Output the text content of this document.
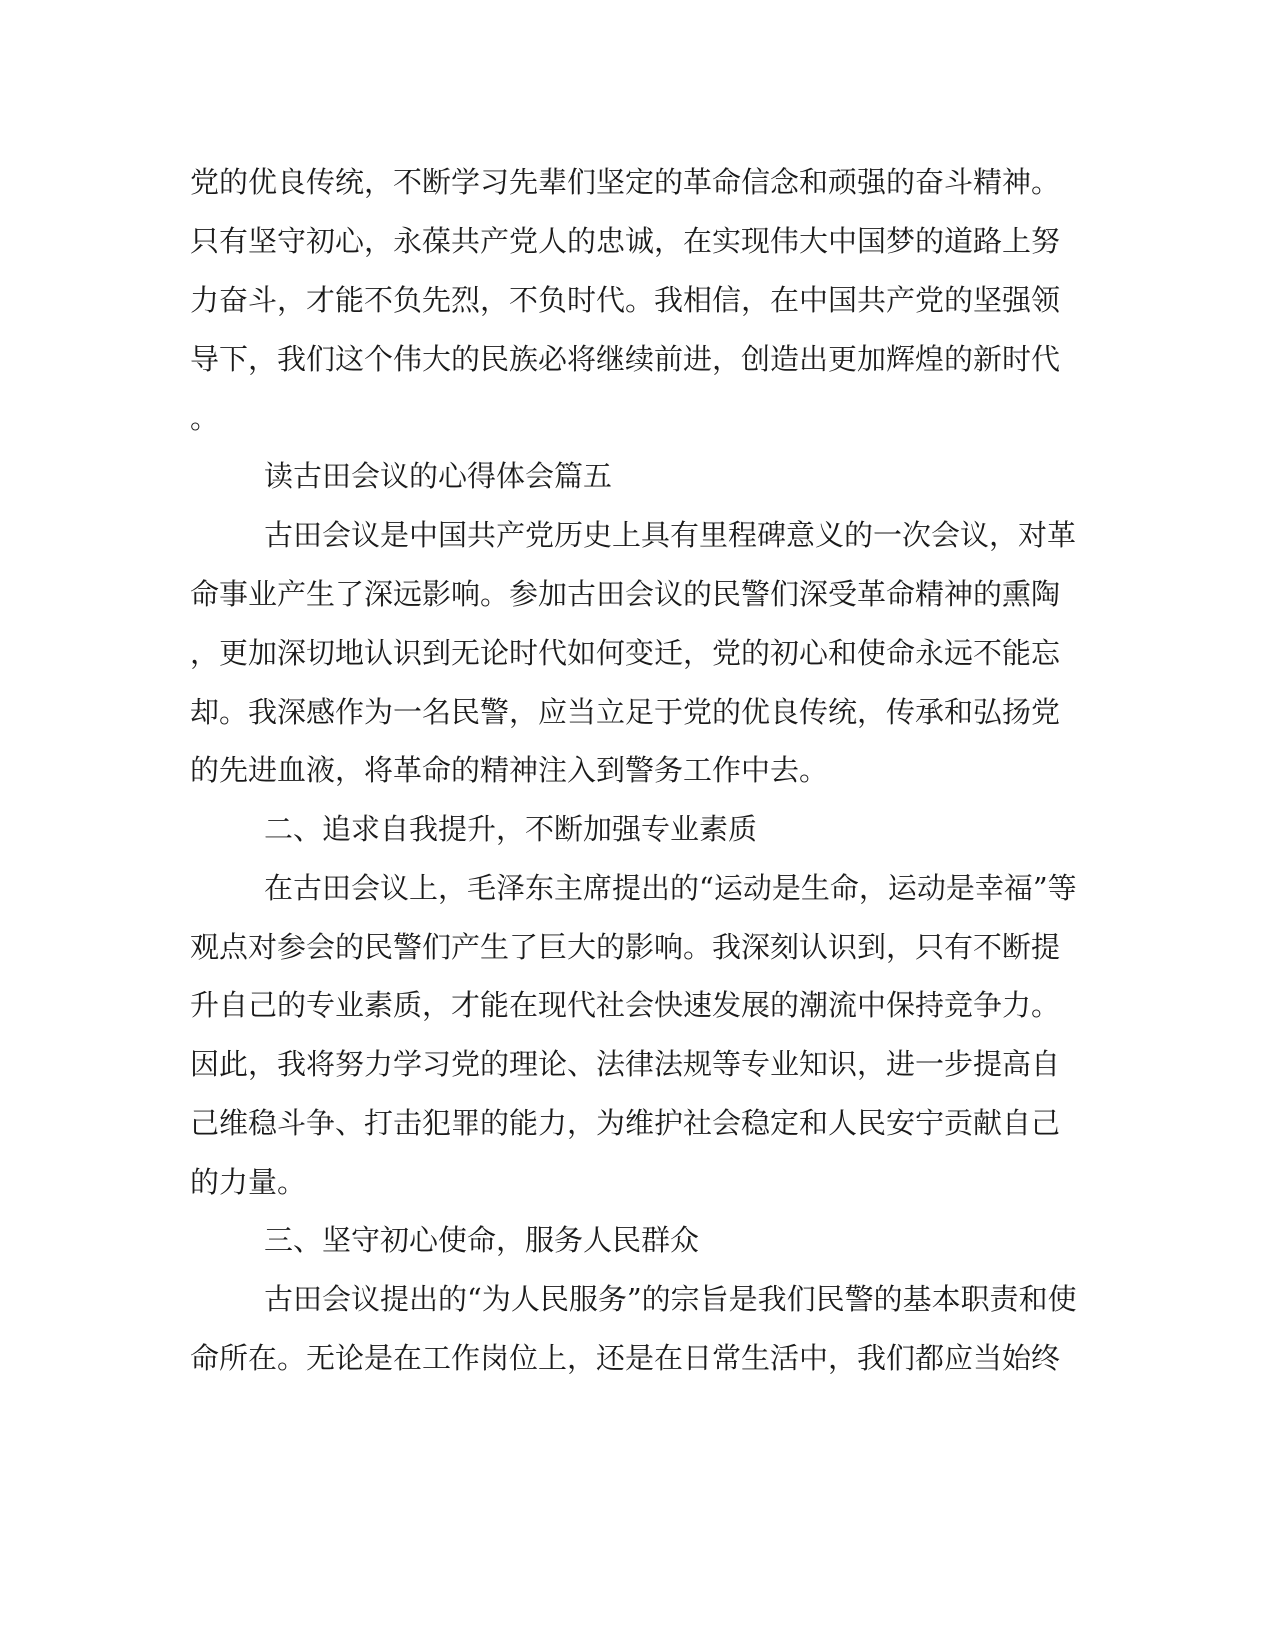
党的优良传统，不断学习先辈们坚定的革命信念和顽强的奋斗精神。
只有坚守初心，永葆共产党人的忠诚，在实现伟大中国梦的道路上努
力奋斗，才能不负先烈，不负时代。我相信，在中国共产党的坚强领
导下，我们这个伟大的民族必将继续前进，创造出更加辉煌的新时代
。
读古田会议的心得体会篇五
古田会议是中国共产党历史上具有里程碑意义的一次会议，对革
命事业产生了深远影响。参加古田会议的民警们深受革命精神的熏陶
，更加深切地认识到无论时代如何变迁，党的初心和使命永远不能忘
却。我深感作为一名民警，应当立足于党的优良传统，传承和弘扬党
的先进血液，将革命的精神注入到警务工作中去。
二、追求自我提升，不断加强专业素质
在古田会议上，毛泽东主席提出的“运动是生命，运动是幸福”等
观点对参会的民警们产生了巨大的影响。我深刻认识到，只有不断提
升自己的专业素质，才能在现代社会快速发展的潮流中保持竞争力。
因此，我将努力学习党的理论、法律法规等专业知识，进一步提高自
己维稳斗争、打击犯罪的能力，为维护社会稳定和人民安宁贡献自己
的力量。
三、坚守初心使命，服务人民群众
古田会议提出的“为人民服务”的宗旨是我们民警的基本职责和使
命所在。无论是在工作岗位上，还是在日常生活中，我们都应当始终
